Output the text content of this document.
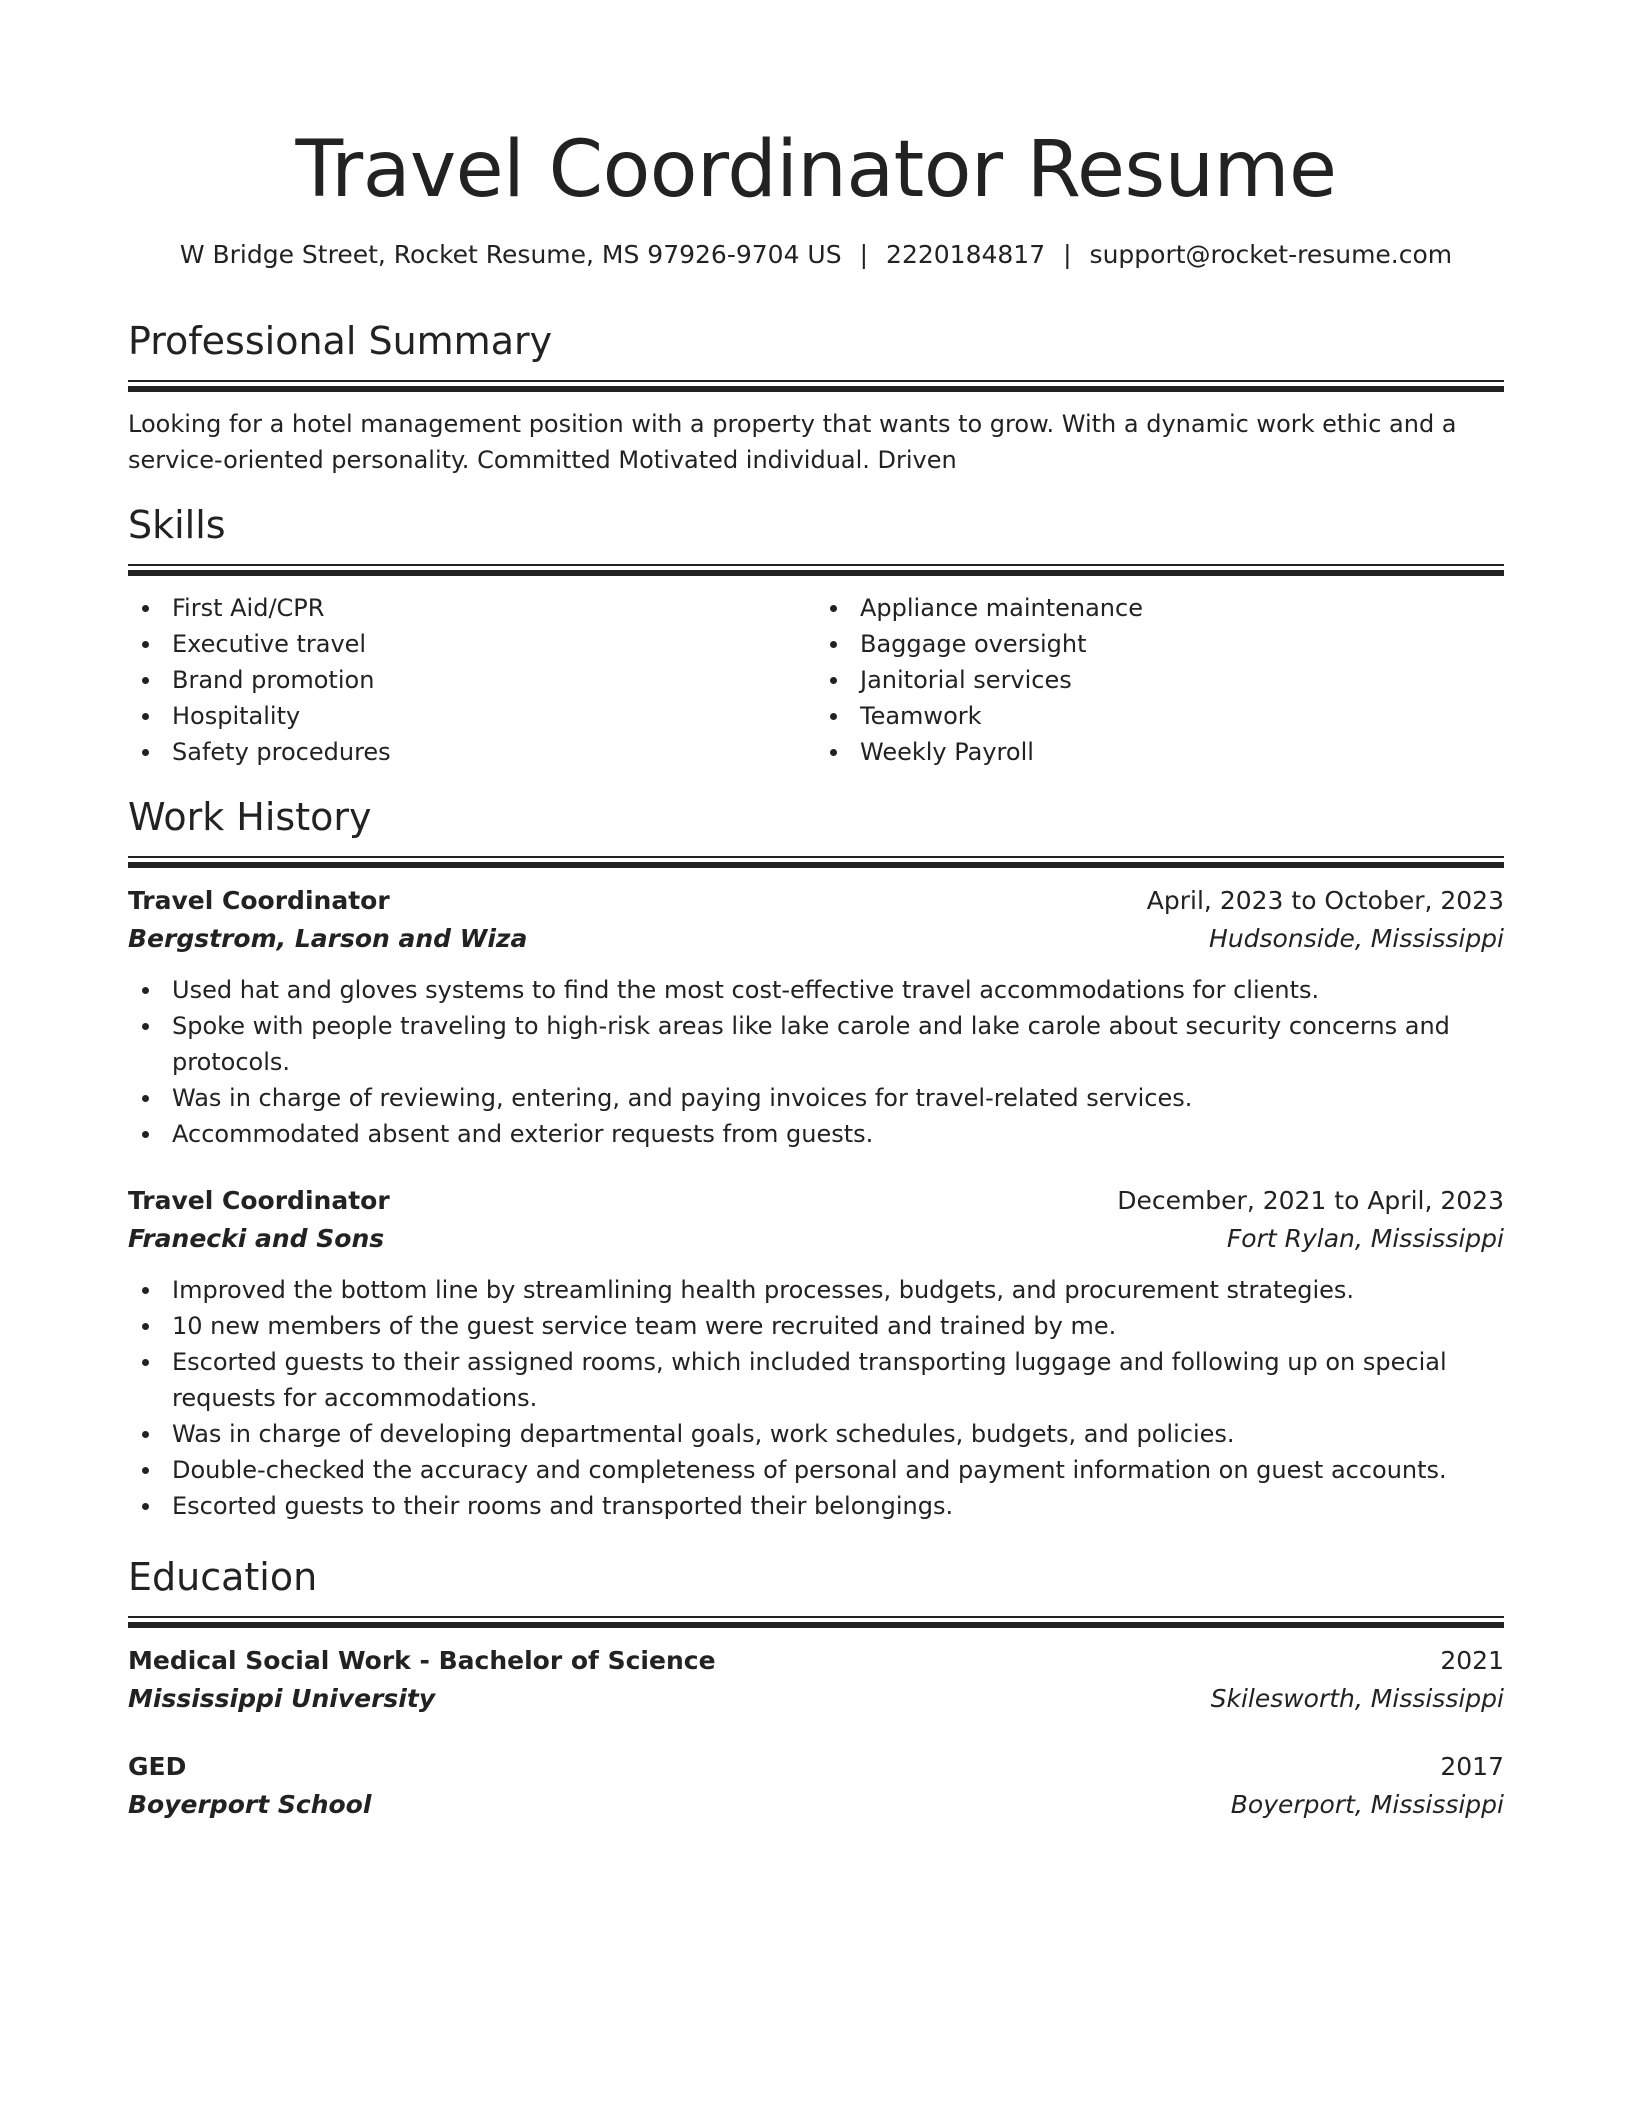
Travel Coordinator Resume
W Bridge Street, Rocket Resume, MS 97926-9704 US | 2220184817 | support@rocket-resume.com
Professional Summary
Looking for a hotel management position with a property that wants to grow. With a dynamic work ethic and a service-oriented personality. Committed Motivated individual. Driven
Skills
First Aid/CPR
Executive travel
Brand promotion
Hospitality
Safety procedures
Appliance maintenance
Baggage oversight
Janitorial services
Teamwork
Weekly Payroll
Work History
Travel Coordinator	April, 2023 to October, 2023
Bergstrom, Larson and Wiza	Hudsonside, Mississippi
Used hat and gloves systems to find the most cost-effective travel accommodations for clients.
Spoke with people traveling to high-risk areas like lake carole and lake carole about security concerns and protocols.
Was in charge of reviewing, entering, and paying invoices for travel-related services.
Accommodated absent and exterior requests from guests.
Travel Coordinator	December, 2021 to April, 2023
Franecki and Sons	Fort Rylan, Mississippi
Improved the bottom line by streamlining health processes, budgets, and procurement strategies.
10 new members of the guest service team were recruited and trained by me.
Escorted guests to their assigned rooms, which included transporting luggage and following up on special requests for accommodations.
Was in charge of developing departmental goals, work schedules, budgets, and policies.
Double-checked the accuracy and completeness of personal and payment information on guest accounts.
Escorted guests to their rooms and transported their belongings.
Education
Medical Social Work - Bachelor of Science	2021
Mississippi University	Skilesworth, Mississippi
GED	2017
Boyerport School	Boyerport, Mississippi
